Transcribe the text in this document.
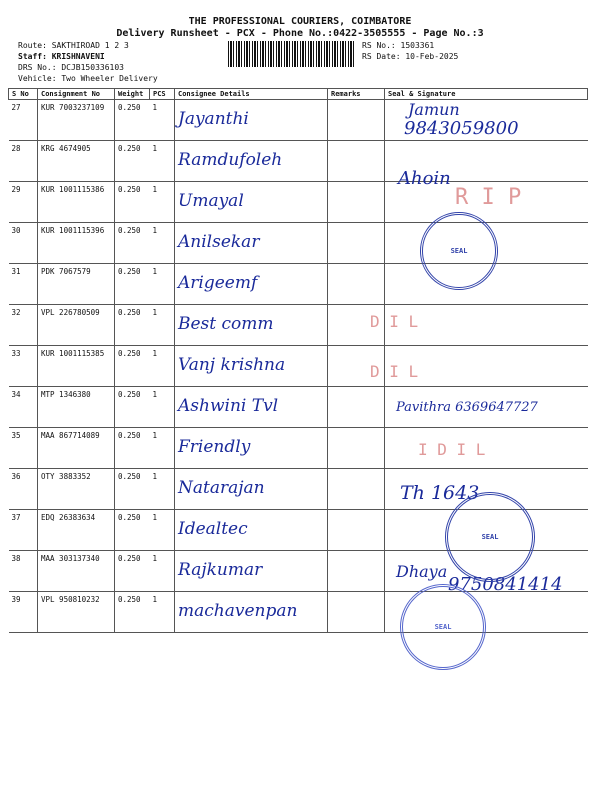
THE PROFESSIONAL COURIERS, COIMBATORE
Delivery Runsheet - PCX - Phone No.:0422-3505555 - Page No.:3
Route: SAKTHIROAD 1 2 3
Staff: KRISHNAVENI
DRS No.: DCJB150336103
Vehicle: Two Wheeler Delivery
RS No.: 1503361
RS Date: 10-Feb-2025
S No	Consignment No	Weight	PCS	Consignee Details	Remarks	Seal & Signature
27	KUR 7003237109	0.250	1	Jayanthi		

28	KRG 4674905	0.250	1	Ramdufoleh		

29	KUR 1001115386	0.250	1	Umayal		

30	KUR 1001115396	0.250	1	Anilsekar		

31	PDK 7067579	0.250	1	Arigeemf		

32	VPL 226780509	0.250	1	Best comm		

33	KUR 1001115385	0.250	1	Vanj krishna		

34	MTP 1346380	0.250	1	Ashwini Tvl		

35	MAA 867714089	0.250	1	Friendly		

36	OTY 3883352	0.250	1	Natarajan		

37	EDQ 26383634	0.250	1	Idealtec		

38	MAA 303137340	0.250	1	Rajkumar		

39	VPL 950810232	0.250	1	machavenpan		

Jamun
9843059800
Ahoin
Pavithra 6369647727
Th 1643
Dhaya
9750841414
R I P
D I L
D I L
I D I L
SEAL
SEAL
SEAL
